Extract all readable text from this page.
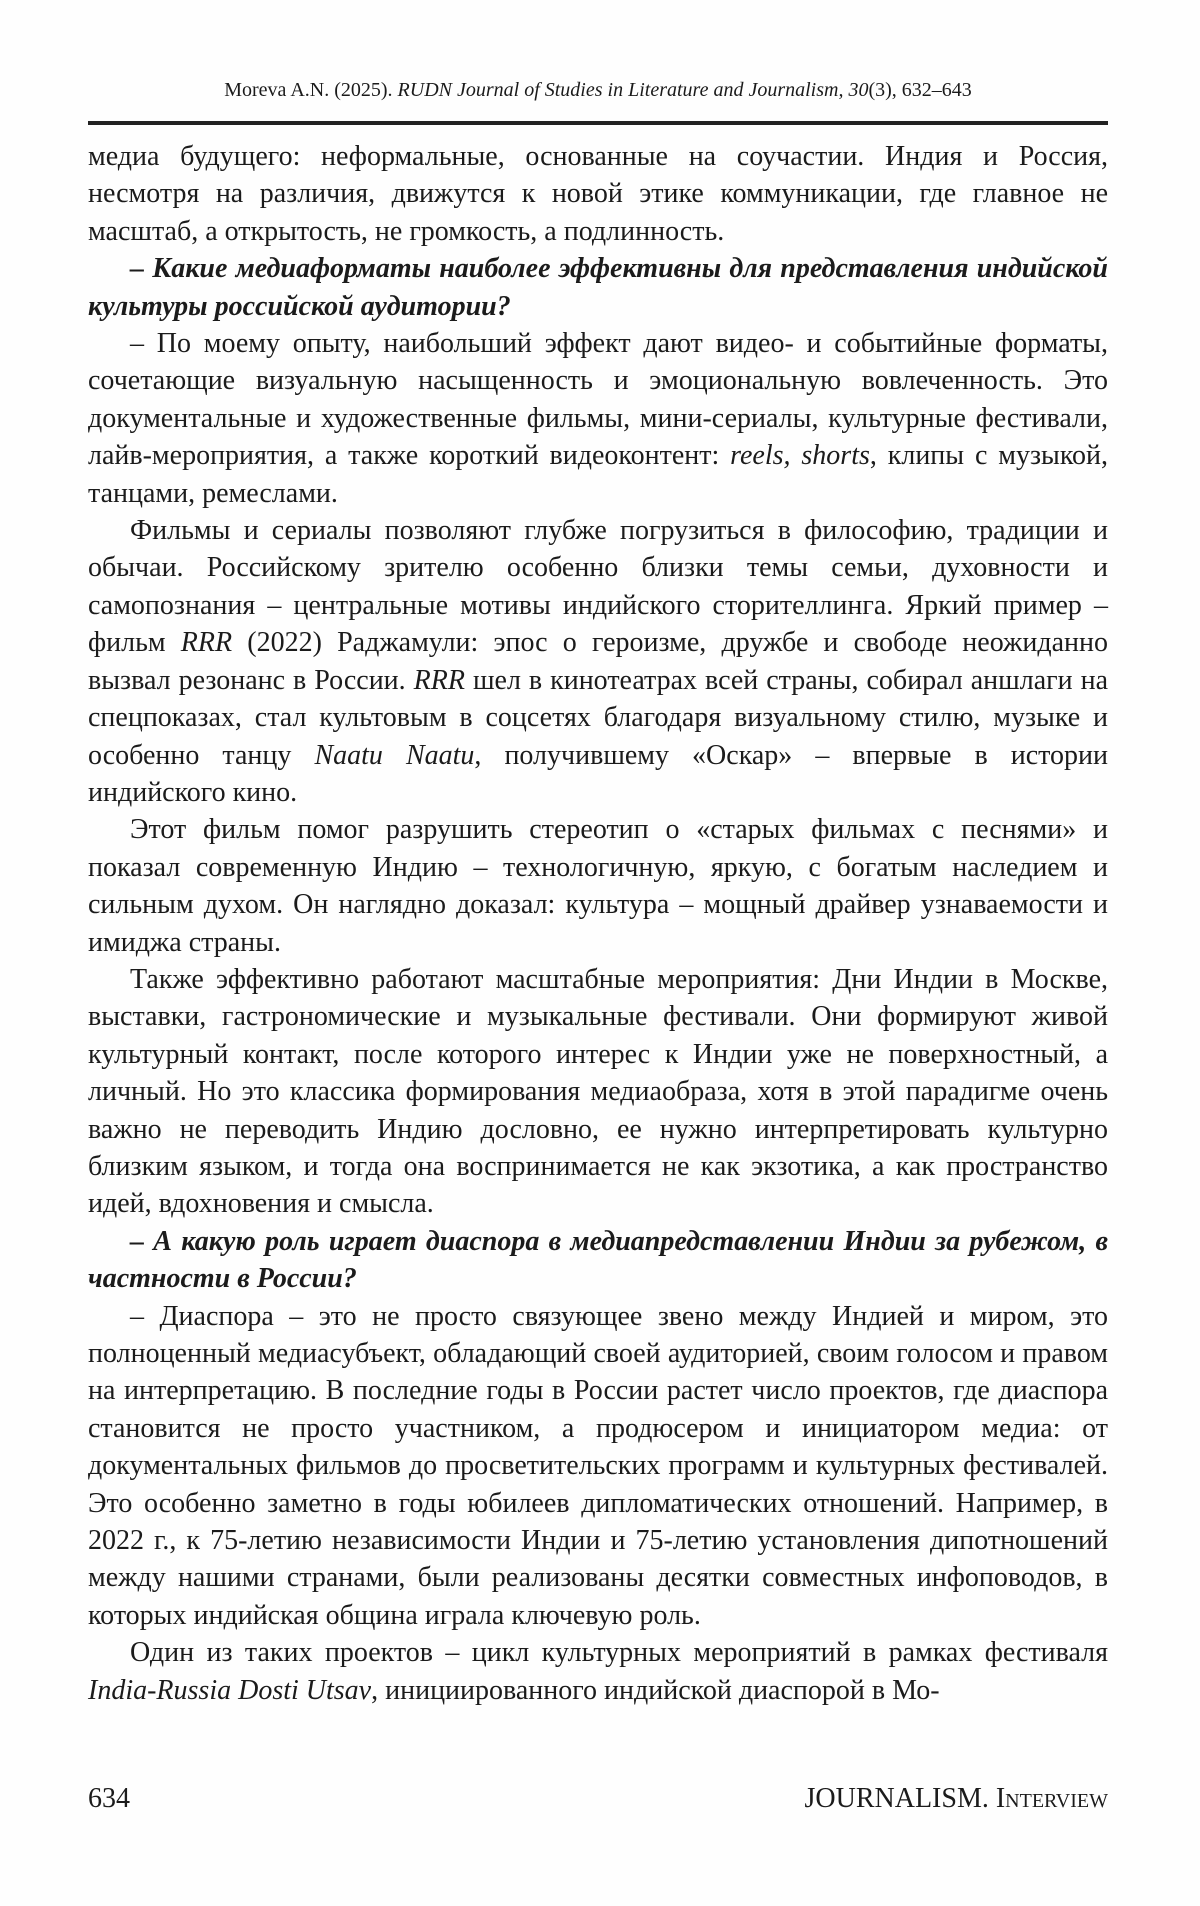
Moreva A.N. (2025). RUDN Journal of Studies in Literature and Journalism, 30(3), 632–643

медиа будущего: неформальные, основанные на соучастии. Индия и Россия, несмотря на различия, движутся к новой этике коммуникации, где главное не масштаб, а открытость, не громкость, а подлинность.

– Какие медиаформаты наиболее эффективны для представления индийской культуры российской аудитории?

– По моему опыту, наибольший эффект дают видео- и событийные форматы, сочетающие визуальную насыщенность и эмоциональную вовлеченность. Это документальные и художественные фильмы, мини-сериалы, культурные фестивали, лайв-мероприятия, а также короткий видеоконтент: reels, shorts, клипы с музыкой, танцами, ремеслами.

Фильмы и сериалы позволяют глубже погрузиться в философию, традиции и обычаи. Российскому зрителю особенно близки темы семьи, духовности и самопознания – центральные мотивы индийского сторителлинга. Яркий пример – фильм RRR (2022) Раджамули: эпос о героизме, дружбе и свободе неожиданно вызвал резонанс в России. RRR шел в кинотеатрах всей страны, собирал аншлаги на спецпоказах, стал культовым в соцсетях благодаря визуальному стилю, музыке и особенно танцу Naatu Naatu, получившему «Оскар» – впервые в истории индийского кино.

Этот фильм помог разрушить стереотип о «старых фильмах с песнями» и показал современную Индию – технологичную, яркую, с богатым наследием и сильным духом. Он наглядно доказал: культура – мощный драйвер узнаваемости и имиджа страны.

Также эффективно работают масштабные мероприятия: Дни Индии в Москве, выставки, гастрономические и музыкальные фестивали. Они формируют живой культурный контакт, после которого интерес к Индии уже не поверхностный, а личный. Но это классика формирования медиаобраза, хотя в этой парадигме очень важно не переводить Индию дословно, ее нужно интерпретировать культурно близким языком, и тогда она воспринимается не как экзотика, а как пространство идей, вдохновения и смысла.

– А какую роль играет диаспора в медиапредставлении Индии за рубежом, в частности в России?

– Диаспора – это не просто связующее звено между Индией и миром, это полноценный медиасубъект, обладающий своей аудиторией, своим голосом и правом на интерпретацию. В последние годы в России растет число проектов, где диаспора становится не просто участником, а продюсером и инициатором медиа: от документальных фильмов до просветительских программ и культурных фестивалей. Это особенно заметно в годы юбилеев дипломатических отношений. Например, в 2022 г., к 75-летию независимости Индии и 75-летию установления дипотношений между нашими странами, были реализованы десятки совместных инфоповодов, в которых индийская община играла ключевую роль.

Один из таких проектов – цикл культурных мероприятий в рамках фестиваля India-Russia Dosti Utsav, инициированного индийской диаспорой в Мо-

634	JOURNALISM. Interview
